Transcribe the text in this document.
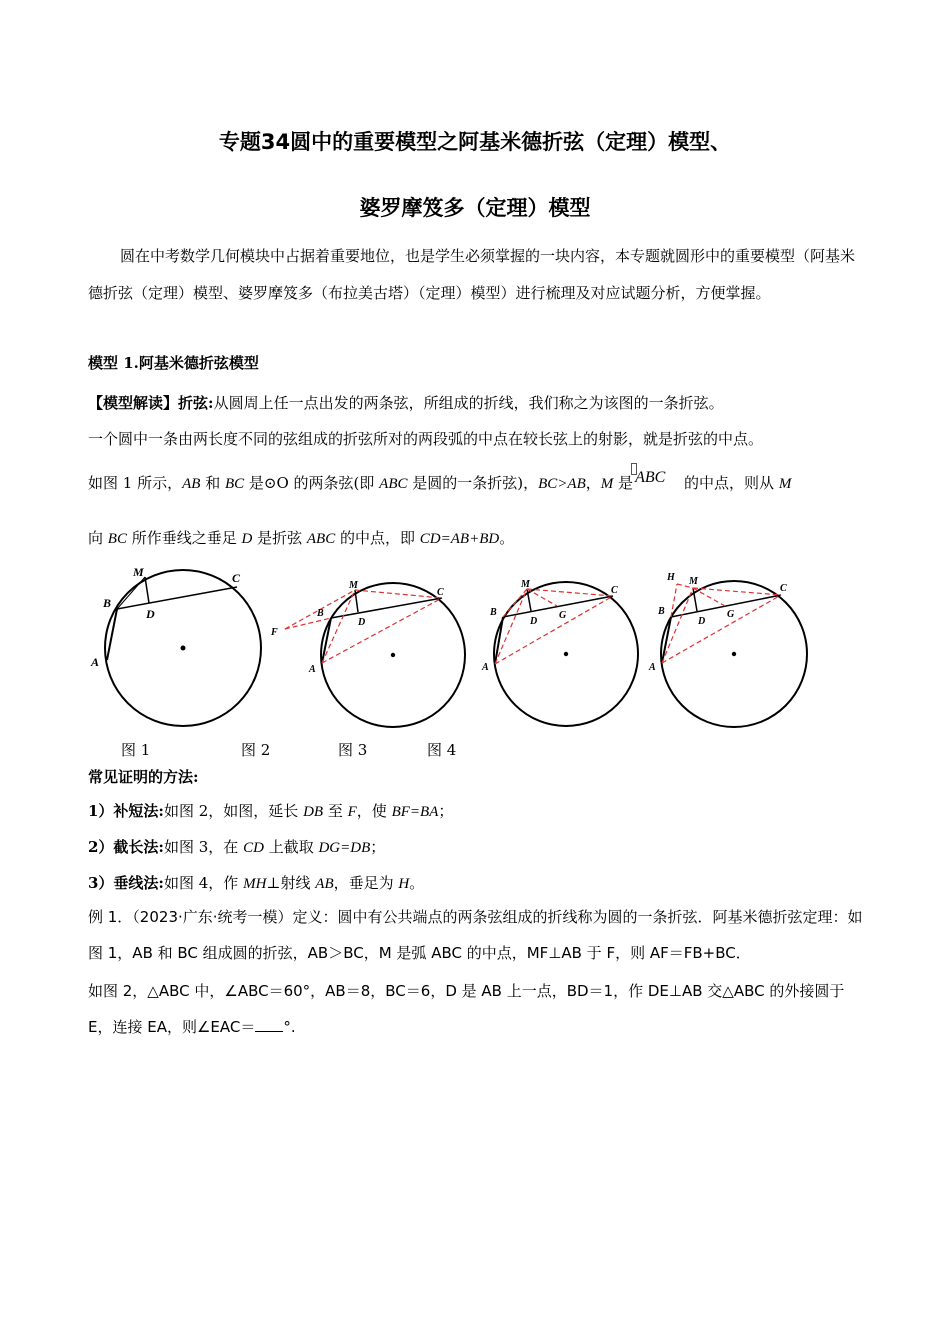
专题34圆中的重要模型之阿基米德折弦（定理）模型、
婆罗摩笈多（定理）模型
圆在中考数学几何模块中占据着重要地位，也是学生必须掌握的一块内容，本专题就圆形中的重要模型（阿基米德折弦（定理）模型、婆罗摩笈多（布拉美古塔）（定理）模型）进行梳理及对应试题分析，方便掌握。
模型 1.阿基米德折弦模型
【模型解读】折弦:从圆周上任一点出发的两条弦，所组成的折线，我们称之为该图的一条折弦。
一个圆中一条由两长度不同的弦组成的折弦所对的两段弧的中点在较长弦上的射影，就是折弦的中点。
如图 1 所示，AB 和 BC 是⊙O 的两条弦(即 ABC 是圆的一条折弦)，BC>AB，M 是 ABC 的中点，则从 M
向 BC 所作垂线之垂足 D 是折弦 ABC 的中点，即 CD=AB+BD。
M	C
B
D
A
M
C
B
D
F
A
M
C
B
D
G
A
H M
C
B
D
G
A
图 1	图 2	图 3	图 4
常见证明的方法:
1）补短法:如图 2，如图，延长 DB 至 F，使 BF=BA；
2）截长法:如图 3，在 CD 上截取 DG=DB；
3）垂线法:如图 4，作 MH⊥射线 AB，垂足为 H。
例 1．（2023·广东·统考一模）定义：圆中有公共端点的两条弦组成的折线称为圆的一条折弦．阿基米德折弦定理：如图 1，AB 和 BC 组成圆的折弦，AB＞BC，M 是弧 ABC 的中点，MF⊥AB 于 F，则 AF＝FB+BC．
如图 2，△ABC 中，∠ABC＝60°，AB＝8，BC＝6，D 是 AB 上一点，BD＝1，作 DE⊥AB 交△ABC 的外接圆于 E，连接 EA，则∠EAC＝ °.
